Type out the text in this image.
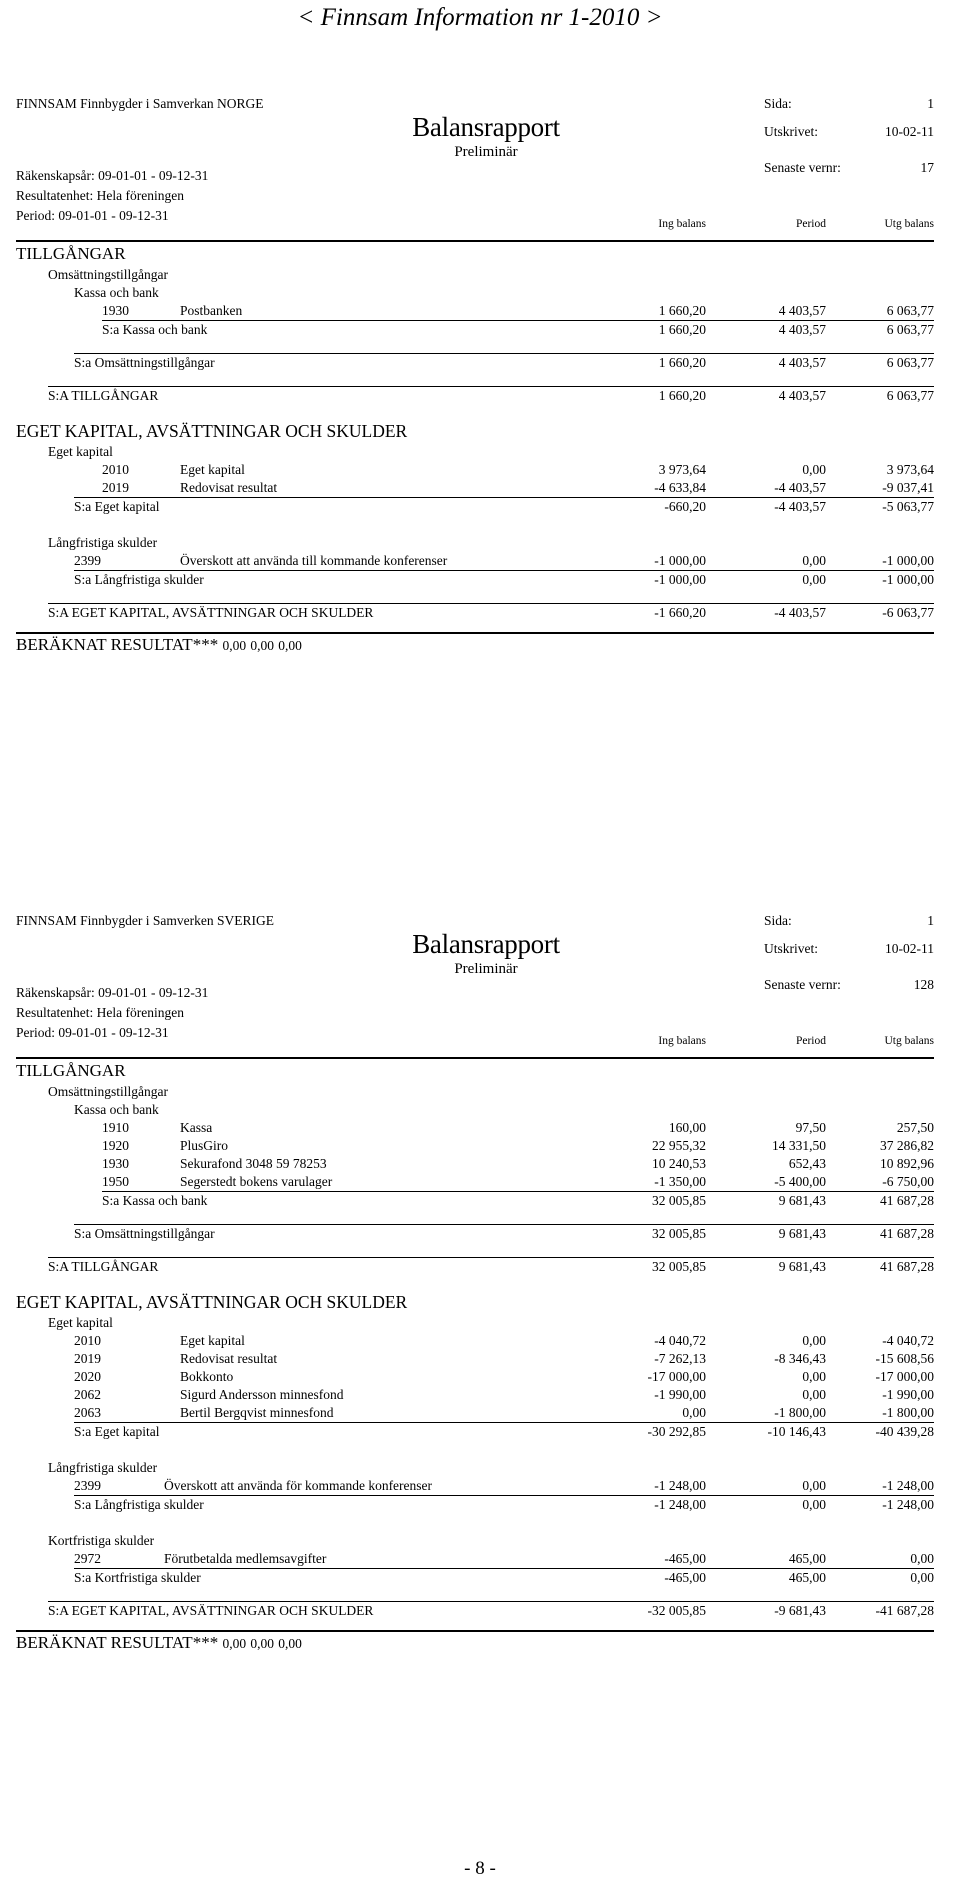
< Finnsam Information nr 1-2010 >
FINNSAM Finnbygder i Samverkan NORGE
Balansrapport
Preliminär
Räkenskapsår: 09-01-01 - 09-12-31
Resultatenhet: Hela föreningen
Period: 09-01-01 - 09-12-31
Sida:	1
Utskrivet:	10-02-11
Senaste vernr:	17
Ing balans	Period	Utg balans
TILLGÅNGAR
Omsättningstillgångar
Kassa och bank
1930	Postbanken	1 660,20	4 403,57	6 063,77
S:a Kassa och bank	1 660,20	4 403,57	6 063,77
S:a Omsättningstillgångar	1 660,20	4 403,57	6 063,77
S:A TILLGÅNGAR	1 660,20	4 403,57	6 063,77
EGET KAPITAL, AVSÄTTNINGAR OCH SKULDER
Eget kapital
2010	Eget kapital	3 973,64	0,00	3 973,64
2019	Redovisat resultat	-4 633,84	-4 403,57	-9 037,41
S:a Eget kapital	-660,20	-4 403,57	-5 063,77
Långfristiga skulder
2399	Överskott att använda till kommande konferenser	-1 000,00	0,00	-1 000,00
S:a Långfristiga skulder	-1 000,00	0,00	-1 000,00
S:A EGET KAPITAL, AVSÄTTNINGAR OCH SKULDER	-1 660,20	-4 403,57	-6 063,77
BERÄKNAT RESULTAT*** 0,00 0,00 0,00
FINNSAM Finnbygder i Samverken SVERIGE
Balansrapport
Preliminär
Räkenskapsår: 09-01-01 - 09-12-31
Resultatenhet: Hela föreningen
Period: 09-01-01 - 09-12-31
Sida:	1
Utskrivet:	10-02-11
Senaste vernr:	128
Ing balans	Period	Utg balans
TILLGÅNGAR
Omsättningstillgångar
Kassa och bank
1910	Kassa	160,00	97,50	257,50
1920	PlusGiro	22 955,32	14 331,50	37 286,82
1930	Sekurafond 3048 59 78253	10 240,53	652,43	10 892,96
1950	Segerstedt bokens varulager	-1 350,00	-5 400,00	-6 750,00
S:a Kassa och bank	32 005,85	9 681,43	41 687,28
S:a Omsättningstillgångar	32 005,85	9 681,43	41 687,28
S:A TILLGÅNGAR	32 005,85	9 681,43	41 687,28
EGET KAPITAL, AVSÄTTNINGAR OCH SKULDER
Eget kapital
2010	Eget kapital	-4 040,72	0,00	-4 040,72
2019	Redovisat resultat	-7 262,13	-8 346,43	-15 608,56
2020	Bokkonto	-17 000,00	0,00	-17 000,00
2062	Sigurd Andersson minnesfond	-1 990,00	0,00	-1 990,00
2063	Bertil Bergqvist minnesfond	0,00	-1 800,00	-1 800,00
S:a Eget kapital	-30 292,85	-10 146,43	-40 439,28
Långfristiga skulder
2399	Överskott att använda för kommande konferenser	-1 248,00	0,00	-1 248,00
S:a Långfristiga skulder	-1 248,00	0,00	-1 248,00
Kortfristiga skulder
2972	Förutbetalda medlemsavgifter	-465,00	465,00	0,00
S:a Kortfristiga skulder	-465,00	465,00	0,00
S:A EGET KAPITAL, AVSÄTTNINGAR OCH SKULDER	-32 005,85	-9 681,43	-41 687,28
BERÄKNAT RESULTAT*** 0,00 0,00 0,00
- 8 -
